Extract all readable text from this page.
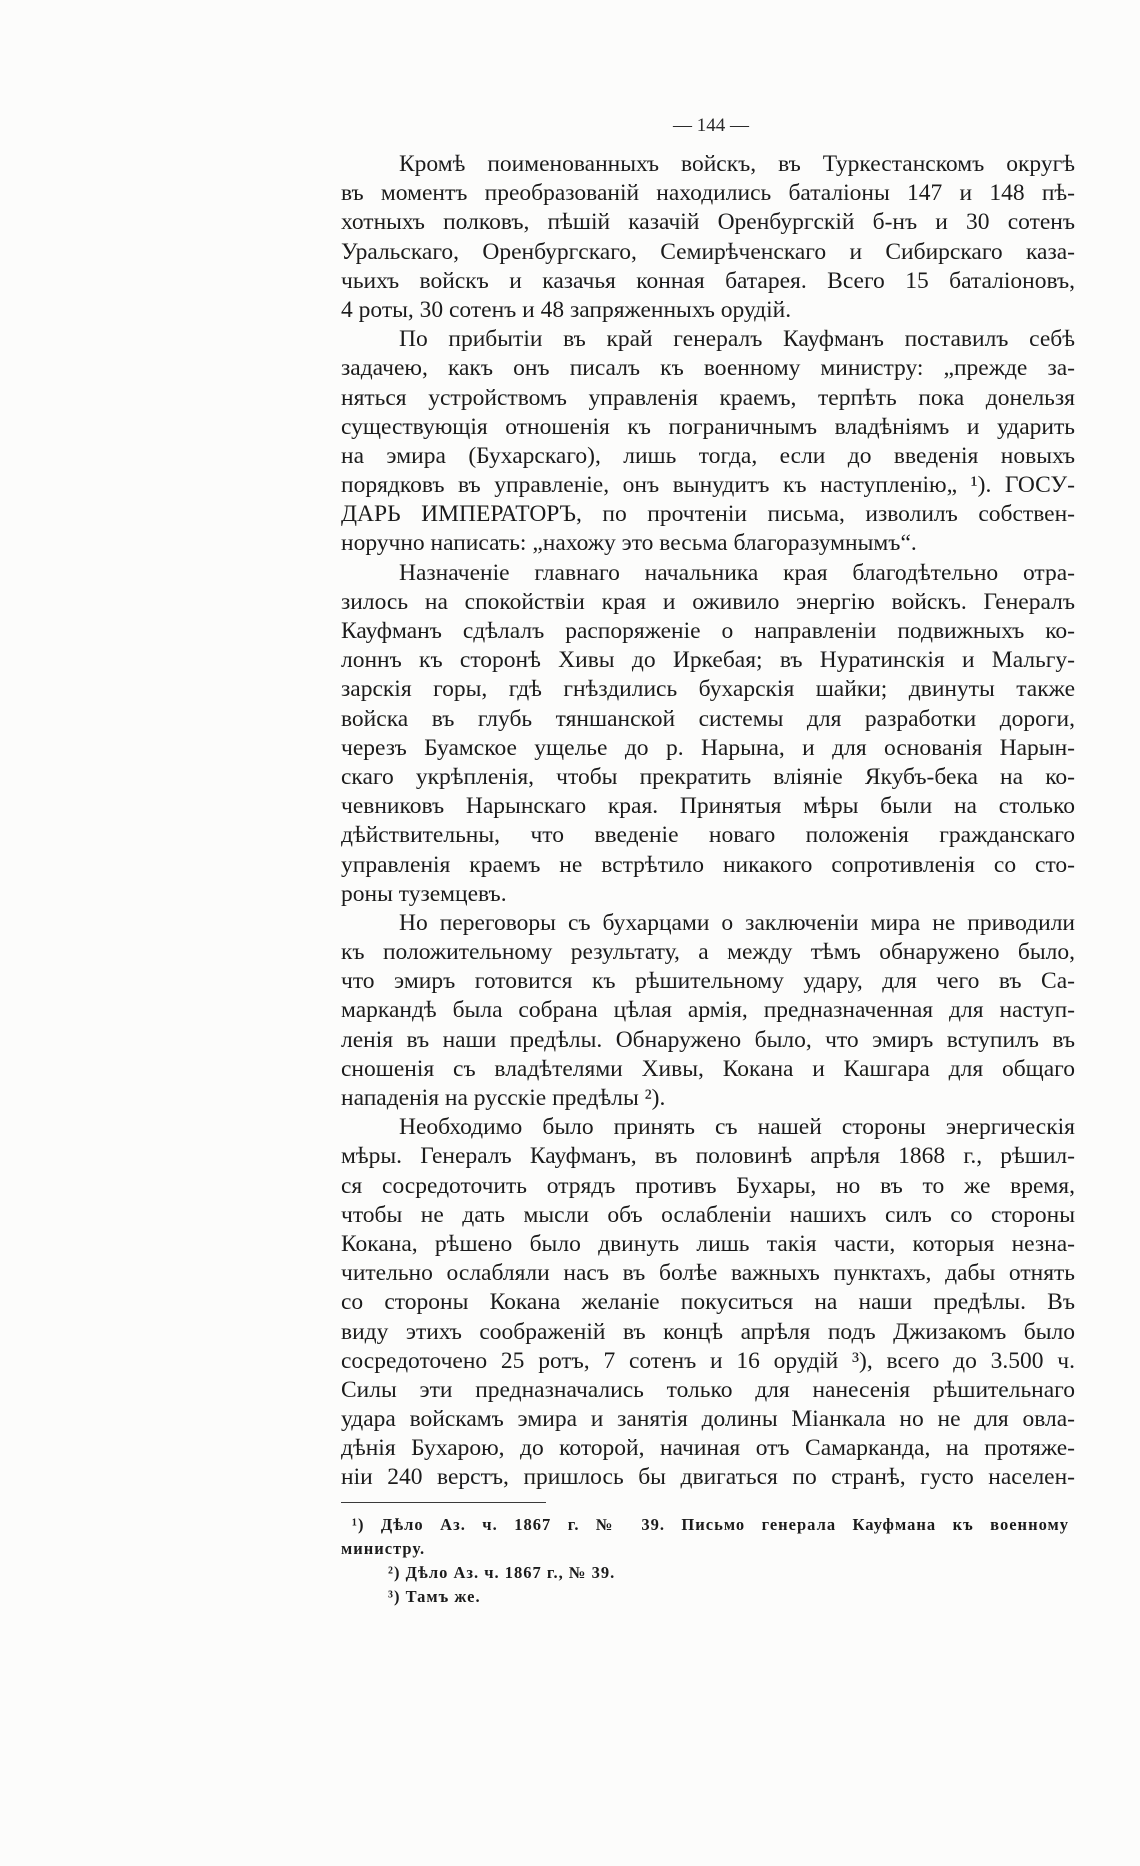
— 144 —
Кромѣ поименованныхъ войскъ, въ Туркестанскомъ округѣ
въ моментъ преобразованій находились баталіоны 147 и 148 пѣ-
хотныхъ полковъ, пѣшій казачій Оренбургскій б-нъ и 30 сотенъ
Уральскаго, Оренбургскаго, Семирѣченскаго и Сибирскаго каза-
чьихъ войскъ и казачья конная батарея. Всего 15 баталіоновъ,
4 роты, 30 сотенъ и 48 запряженныхъ орудій.
По прибытіи въ край генералъ Кауфманъ поставилъ себѣ
задачею, какъ онъ писалъ къ военному министру: „прежде за-
няться устройствомъ управленія краемъ, терпѣть пока донельзя
существующія отношенія къ пограничнымъ владѣніямъ и ударить
на эмира (Бухарскаго), лишь тогда, если до введенія новыхъ
порядковъ въ управленіе, онъ вынудитъ къ наступленію„ ¹). ГОСУ-
ДАРЬ ИМПЕРАТОРЪ, по прочтеніи письма, изволилъ собствен-
норучно написать: „нахожу это весьма благоразумнымъ“.
Назначеніе главнаго начальника края благодѣтельно отра-
зилось на спокойствіи края и оживило энергію войскъ. Генералъ
Кауфманъ сдѣлалъ распоряженіе о направленіи подвижныхъ ко-
лоннъ къ сторонѣ Хивы до Иркебая; въ Нуратинскія и Мальгу-
зарскія горы, гдѣ гнѣздились бухарскія шайки; двинуты также
войска въ глубь тяншанской системы для разработки дороги,
черезъ Буамское ущелье до р. Нарына, и для основанія Нарын-
скаго укрѣпленія, чтобы прекратить вліяніе Якубъ-бека на ко-
чевниковъ Нарынскаго края. Принятыя мѣры были на столько
дѣйствительны, что введеніе новаго положенія гражданскаго
управленія краемъ не встрѣтило никакого сопротивленія со сто-
роны туземцевъ.
Но переговоры съ бухарцами о заключеніи мира не приводили
къ положительному результату, а между тѣмъ обнаружено было,
что эмиръ готовится къ рѣшительному удару, для чего въ Са-
маркандѣ была собрана цѣлая армія, предназначенная для наступ-
ленія въ наши предѣлы. Обнаружено было, что эмиръ вступилъ въ
сношенія съ владѣтелями Хивы, Кокана и Кашгара для общаго
нападенія на русскіе предѣлы ²).
Необходимо было принять съ нашей стороны энергическія
мѣры. Генералъ Кауфманъ, въ половинѣ апрѣля 1868 г., рѣшил-
ся сосредоточить отрядъ противъ Бухары, но въ то же время,
чтобы не дать мысли объ ослабленіи нашихъ силъ со стороны
Кокана, рѣшено было двинуть лишь такія части, которыя незна-
чительно ослабляли насъ въ болѣе важныхъ пунктахъ, дабы отнять
со стороны Кокана желаніе покуситься на наши предѣлы. Въ
виду этихъ соображеній въ концѣ апрѣля подъ Джизакомъ было
сосредоточено 25 ротъ, 7 сотенъ и 16 орудій ³), всего до 3.500 ч.
Силы эти предназначались только для нанесенія рѣшительнаго
удара войскамъ эмира и занятія долины Міанкала но не для овла-
дѣнія Бухарою, до которой, начиная отъ Самарканда, на протяже-
ніи 240 верстъ, пришлось бы двигаться по странѣ, густо населен-
¹) Дѣло Аз. ч. 1867 г. № 39. Письмо генерала Кауфмана къ военному
министру.
²) Дѣло Аз. ч. 1867 г., № 39.
³) Тамъ же.
